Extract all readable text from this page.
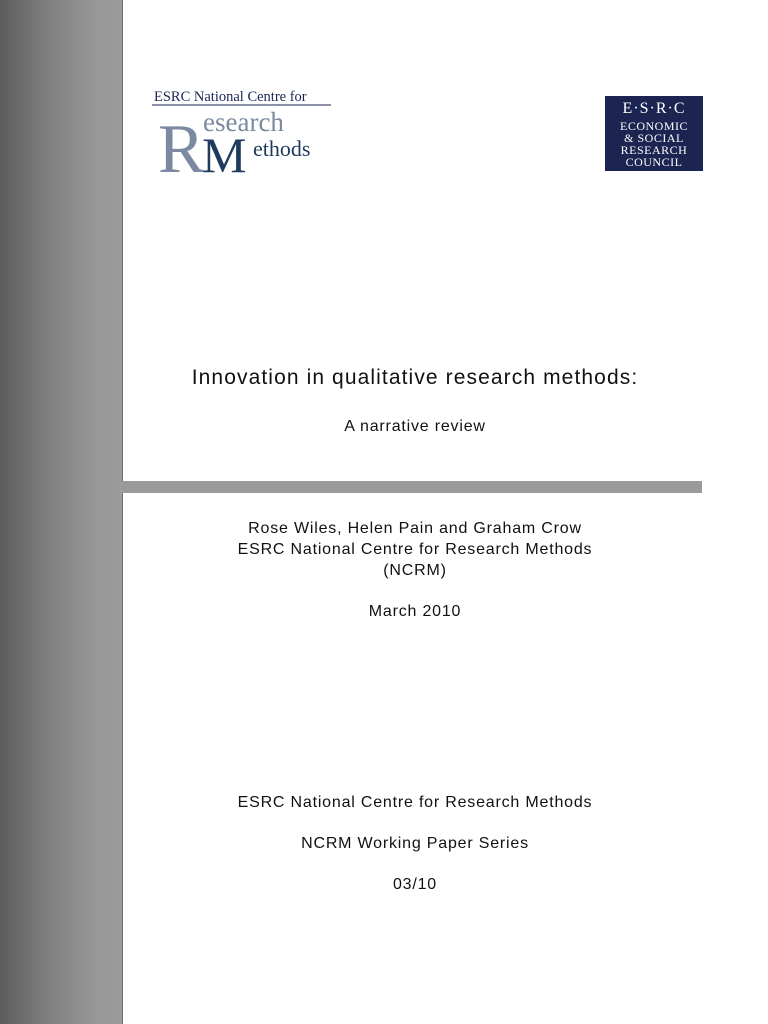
ESRC National Centre for
R
esearch
M ethods
E·S·R·C
ECONOMIC
& SOCIAL
RESEARCH
COUNCIL
Innovation in qualitative research methods:

A narrative review

Rose Wiles, Helen Pain and Graham Crow

ESRC National Centre for Research Methods

(NCRM)

March 2010

ESRC National Centre for Research Methods

NCRM Working Paper Series

03/10
